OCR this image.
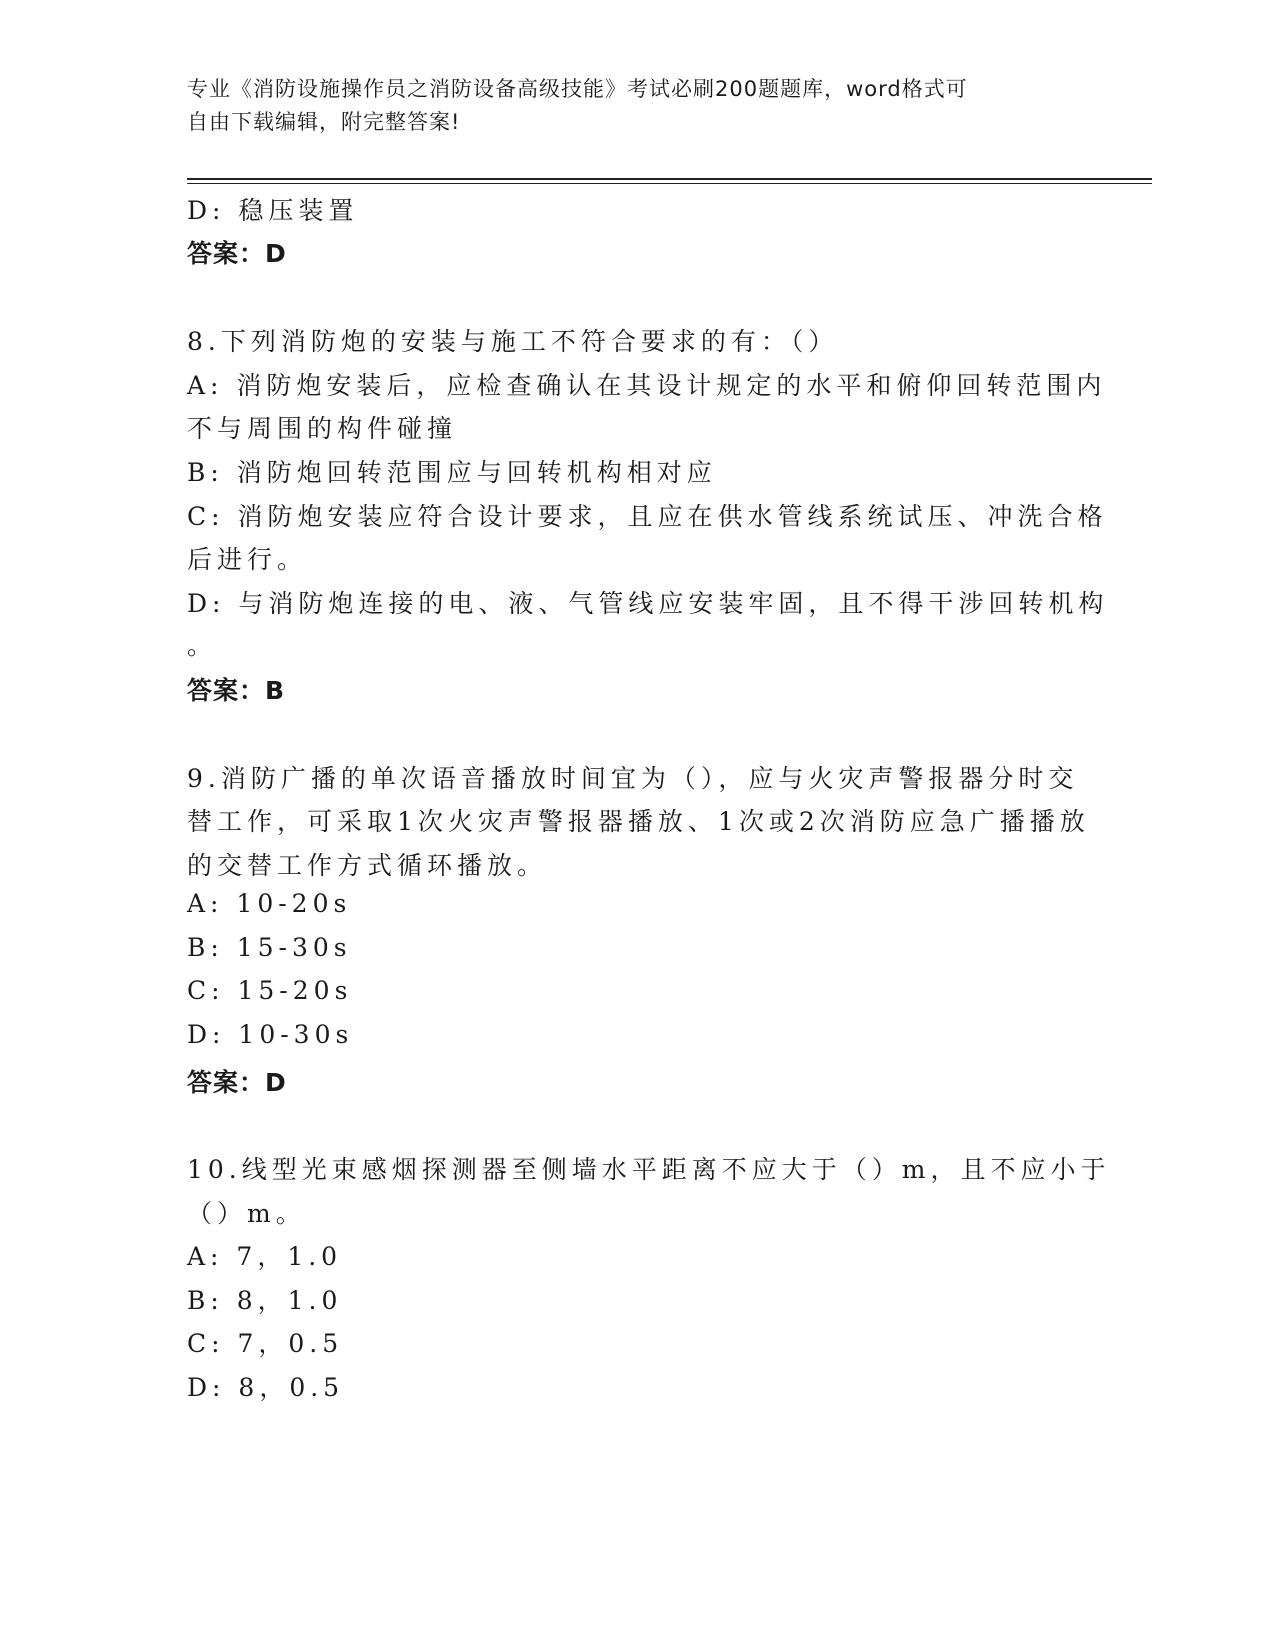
专业《消防设施操作员之消防设备高级技能》考试必刷200题题库，word格式可
自由下载编辑，附完整答案!
D: 稳压装置
答案：D
8.下列消防炮的安装与施工不符合要求的有：（）
A: 消防炮安装后，应检查确认在其设计规定的水平和俯仰回转范围内
不与周围的构件碰撞
B: 消防炮回转范围应与回转机构相对应
C: 消防炮安装应符合设计要求，且应在供水管线系统试压、冲洗合格
后进行。
D: 与消防炮连接的电、液、气管线应安装牢固，且不得干涉回转机构
。
答案：B
9.消防广播的单次语音播放时间宜为（），应与火灾声警报器分时交
替工作，可采取1次火灾声警报器播放、1次或2次消防应急广播播放
的交替工作方式循环播放。
A: 10-20s
B: 15-30s
C: 15-20s
D: 10-30s
答案：D
10.线型光束感烟探测器至侧墙水平距离不应大于（）m，且不应小于
（）m。
A: 7，1.0
B: 8，1.0
C: 7，0.5
D: 8，0.5
